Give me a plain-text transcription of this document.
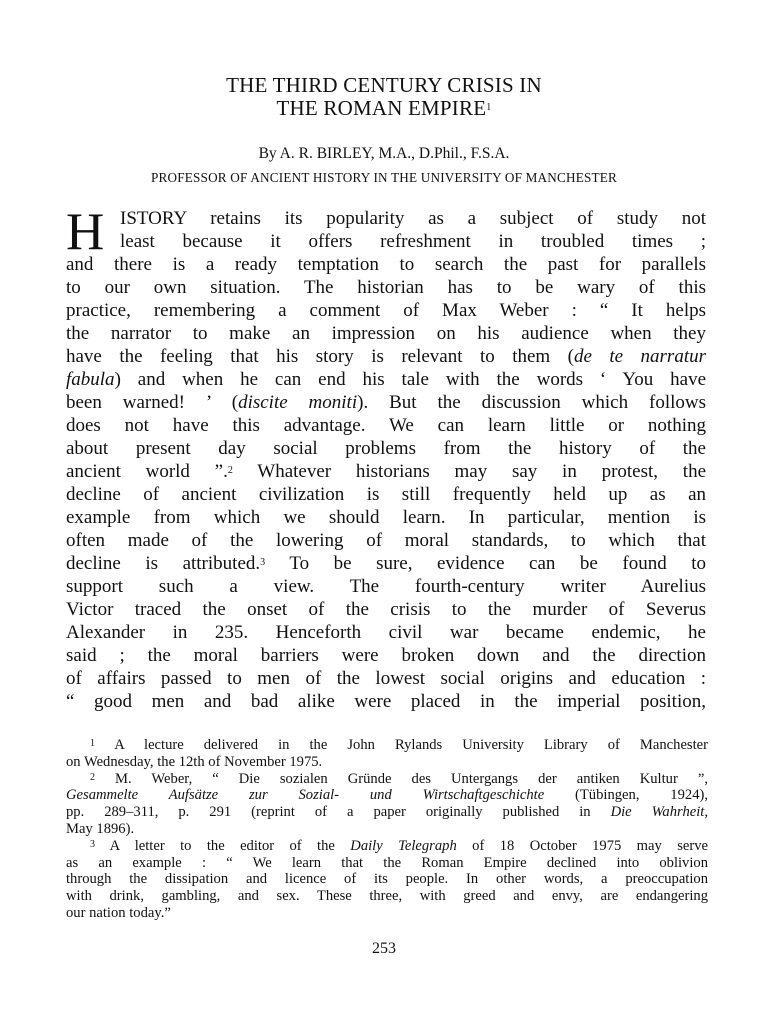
THE THIRD CENTURY CRISIS IN
THE ROMAN EMPIRE$^1$
By A. R. BIRLEY, M.A., D.Phil., F.S.A.
PROFESSOR OF ANCIENT HISTORY IN THE UNIVERSITY OF MANCHESTER
H ISTORY retains its popularity as a subject of study not
least because it offers refreshment in troubled times ;
and there is a ready temptation to search the past for parallels
to our own situation. The historian has to be wary of this
practice, remembering a comment of Max Weber : “ It helps
the narrator to make an impression on his audience when they
have the feeling that his story is relevant to them (de te narratur
fabula) and when he can end his tale with the words ‘ You have
been warned! ’ (discite moniti). But the discussion which follows
does not have this advantage. We can learn little or nothing
about present day social problems from the history of the
ancient world ”.$^2$ Whatever historians may say in protest, the
decline of ancient civilization is still frequently held up as an
example from which we should learn. In particular, mention is
often made of the lowering of moral standards, to which that
decline is attributed.$^3$ To be sure, evidence can be found to
support such a view. The fourth-century writer Aurelius
Victor traced the onset of the crisis to the murder of Severus
Alexander in 235. Henceforth civil war became endemic, he
said ; the moral barriers were broken down and the direction
of affairs passed to men of the lowest social origins and education :
“ good men and bad alike were placed in the imperial position,
$^1$ A lecture delivered in the John Rylands University Library of Manchester
on Wednesday, the 12th of November 1975.
$^2$ M. Weber, “ Die sozialen Gründe des Untergangs der antiken Kultur ”,
Gesammelte Aufsätze zur Sozial- und Wirtschaftgeschichte (Tübingen, 1924),
pp. 289–311, p. 291 (reprint of a paper originally published in Die Wahrheit,
May 1896).
$^3$ A letter to the editor of the Daily Telegraph of 18 October 1975 may serve
as an example : “ We learn that the Roman Empire declined into oblivion
through the dissipation and licence of its people. In other words, a preoccupation
with drink, gambling, and sex. These three, with greed and envy, are endangering
our nation today.”
253
